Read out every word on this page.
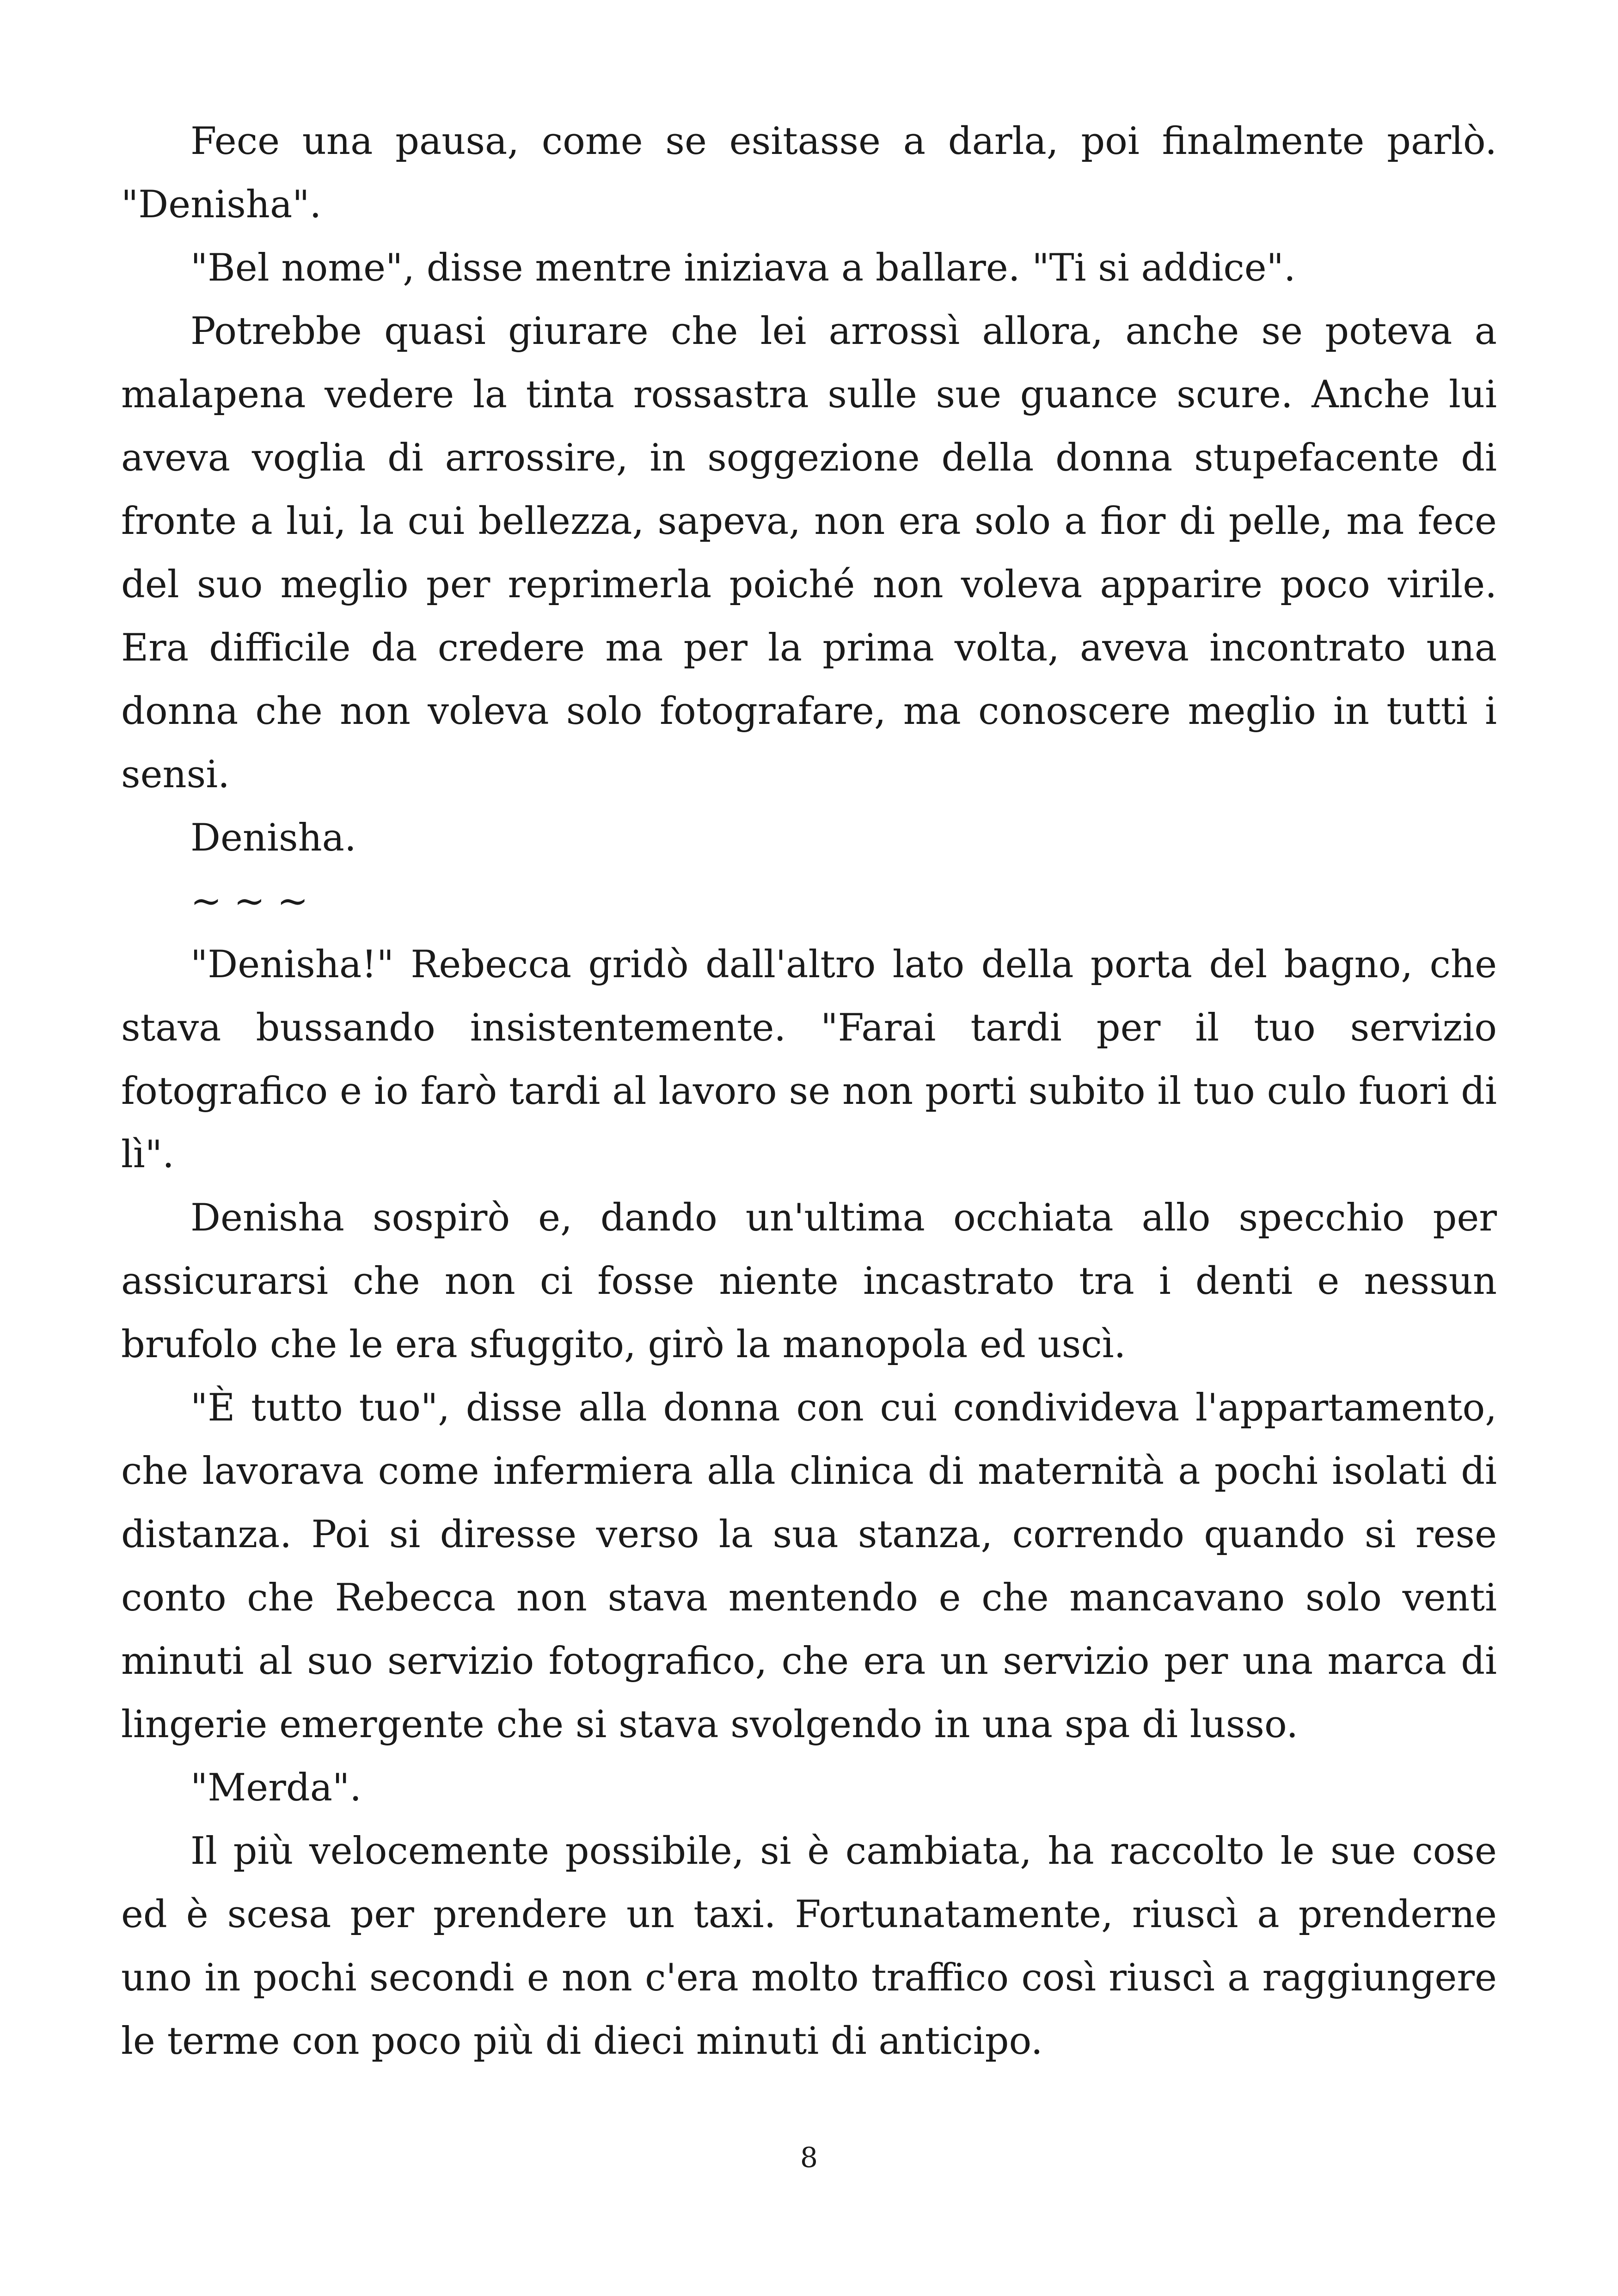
Fece una pausa, come se esitasse a darla, poi finalmente parlò. "Denisha".

"Bel nome", disse mentre iniziava a ballare. "Ti si addice".

Potrebbe quasi giurare che lei arrossì allora, anche se poteva a malapena vedere la tinta rossastra sulle sue guance scure. Anche lui aveva voglia di arrossire, in soggezione della donna stupefacente di fronte a lui, la cui bellezza, sapeva, non era solo a fior di pelle, ma fece del suo meglio per reprimerla poiché non voleva apparire poco virile. Era difficile da credere ma per la prima volta, aveva incontrato una donna che non voleva solo fotografare, ma conoscere meglio in tutti i sensi.

Denisha.

~ ~ ~

"Denisha!" Rebecca gridò dall'altro lato della porta del bagno, che stava bussando insistentemente. "Farai tardi per il tuo servizio fotografico e io farò tardi al lavoro se non porti subito il tuo culo fuori di lì".

Denisha sospirò e, dando un'ultima occhiata allo specchio per assicurarsi che non ci fosse niente incastrato tra i denti e nessun brufolo che le era sfuggito, girò la manopola ed uscì.

"È tutto tuo", disse alla donna con cui condivideva l'appartamento, che lavorava come infermiera alla clinica di maternità a pochi isolati di distanza. Poi si diresse verso la sua stanza, correndo quando si rese conto che Rebecca non stava mentendo e che mancavano solo venti minuti al suo servizio fotografico, che era un servizio per una marca di lingerie emergente che si stava svolgendo in una spa di lusso.

"Merda".

Il più velocemente possibile, si è cambiata, ha raccolto le sue cose ed è scesa per prendere un taxi. Fortunatamente, riuscì a prenderne uno in pochi secondi e non c'era molto traffico così riuscì a raggiungere le terme con poco più di dieci minuti di anticipo.

8
